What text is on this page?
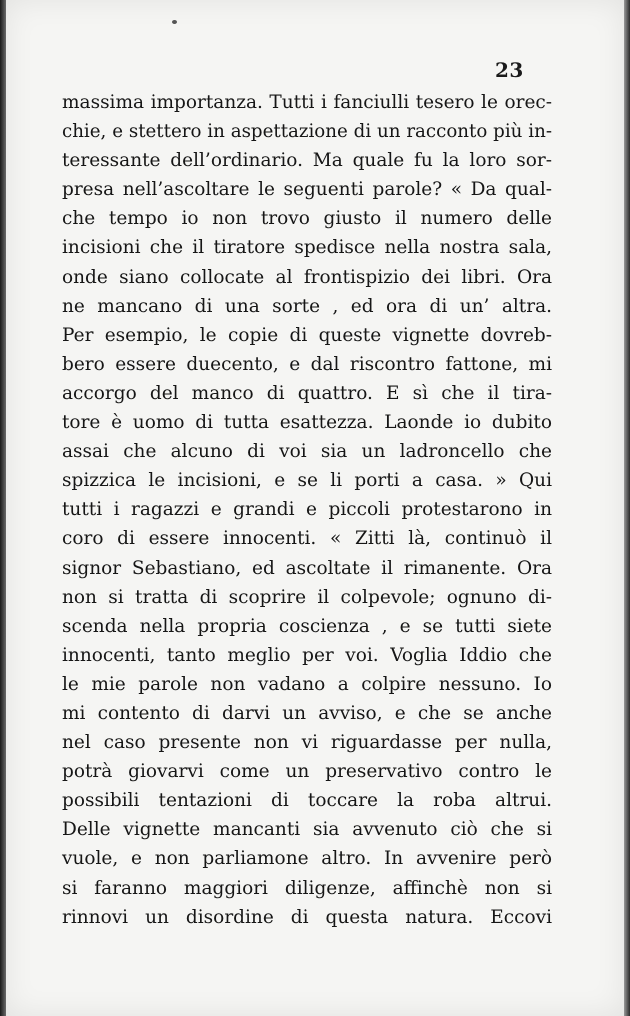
23
massima importanza. Tutti i fanciulli tesero le orec-
chie, e stettero in aspettazione di un racconto più in-
teressante dell’ordinario. Ma quale fu la loro sor-
presa nell’ascoltare le seguenti parole? « Da qual-
che tempo io non trovo giusto il numero delle
incisioni che il tiratore spedisce nella nostra sala,
onde siano collocate al frontispizio dei libri. Ora
ne mancano di una sorte , ed ora di un’ altra.
Per esempio, le copie di queste vignette dovreb-
bero essere duecento, e dal riscontro fattone, mi
accorgo del manco di quattro. E sì che il tira-
tore è uomo di tutta esattezza. Laonde io dubito
assai che alcuno di voi sia un ladroncello che
spizzica le incisioni, e se li porti a casa. » Qui
tutti i ragazzi e grandi e piccoli protestarono in
coro di essere innocenti. « Zitti là, continuò il
signor Sebastiano, ed ascoltate il rimanente. Ora
non si tratta di scoprire il colpevole; ognuno di-
scenda nella propria coscienza , e se tutti siete
innocenti, tanto meglio per voi. Voglia Iddio che
le mie parole non vadano a colpire nessuno. Io
mi contento di darvi un avviso, e che se anche
nel caso presente non vi riguardasse per nulla,
potrà giovarvi come un preservativo contro le
possibili tentazioni di toccare la roba altrui.
Delle vignette mancanti sia avvenuto ciò che si
vuole, e non parliamone altro. In avvenire però
si faranno maggiori diligenze, affinchè non si
rinnovi un disordine di questa natura. Eccovi
